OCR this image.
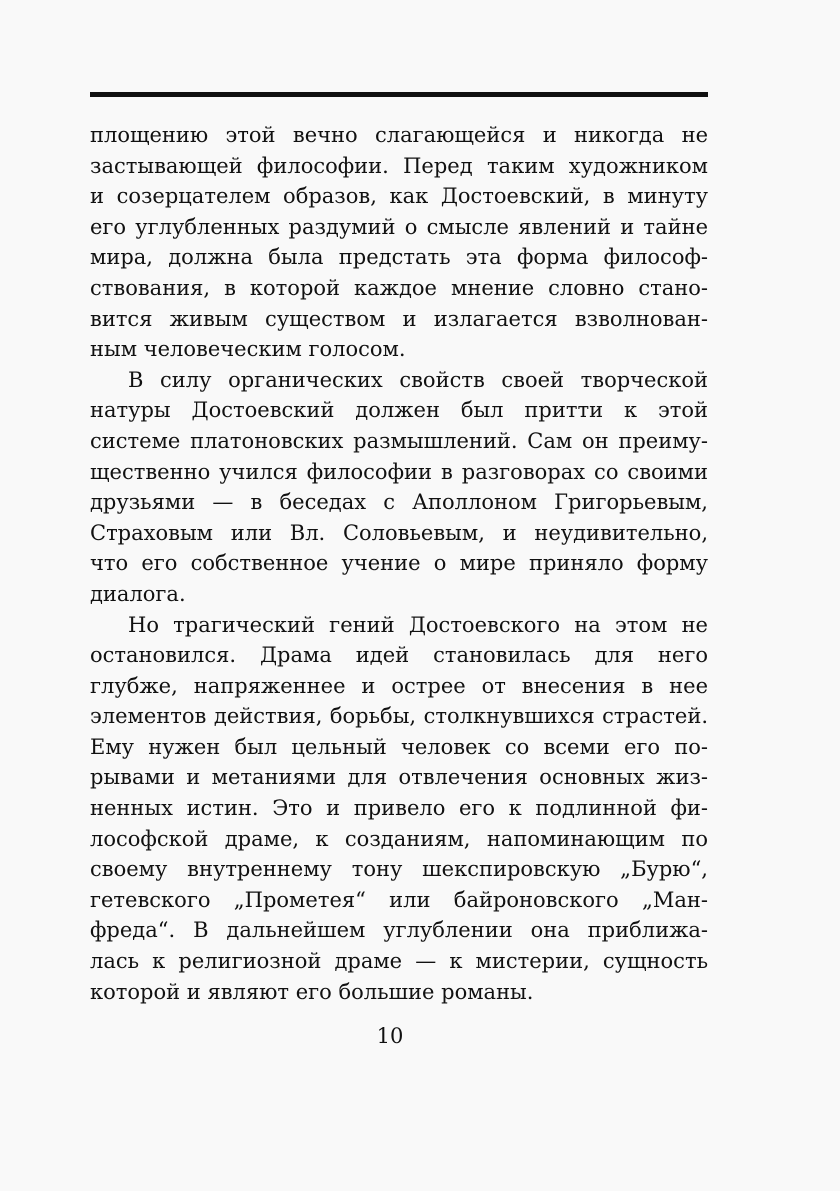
площению этой вечно слагающейся и никогда не
застывающей философии. Перед таким художником
и созерцателем образов, как Достоевский, в минуту
его углубленных раздумий о смысле явлений и тайне
мира, должна была предстать эта форма философ-
ствования, в которой каждое мнение словно стано-
вится живым существом и излагается взволнован-
ным человеческим голосом.
В силу органических свойств своей творческой
натуры Достоевский должен был притти к этой
системе платоновских размышлений. Сам он преиму-
щественно учился философии в разговорах со своими
друзьями — в беседах с Аполлоном Григорьевым,
Страховым или Вл. Соловьевым, и неудивительно,
что его собственное учение о мире приняло форму
диалога.
Но трагический гений Достоевского на этом не
остановился. Драма идей становилась для него
глубже, напряженнее и острее от внесения в нее
элементов действия, борьбы, столкнувшихся страстей.
Ему нужен был цельный человек со всеми его по-
рывами и метаниями для отвлечения основных жиз-
ненных истин. Это и привело его к подлинной фи-
лософской драме, к созданиям, напоминающим по
своему внутреннему тону шекспировскую „Бурю“,
гетевского „Прометея“ или байроновского „Ман-
фреда“. В дальнейшем углублении она приближа-
лась к религиозной драме — к мистерии, сущность
которой и являют его большие романы.
10
